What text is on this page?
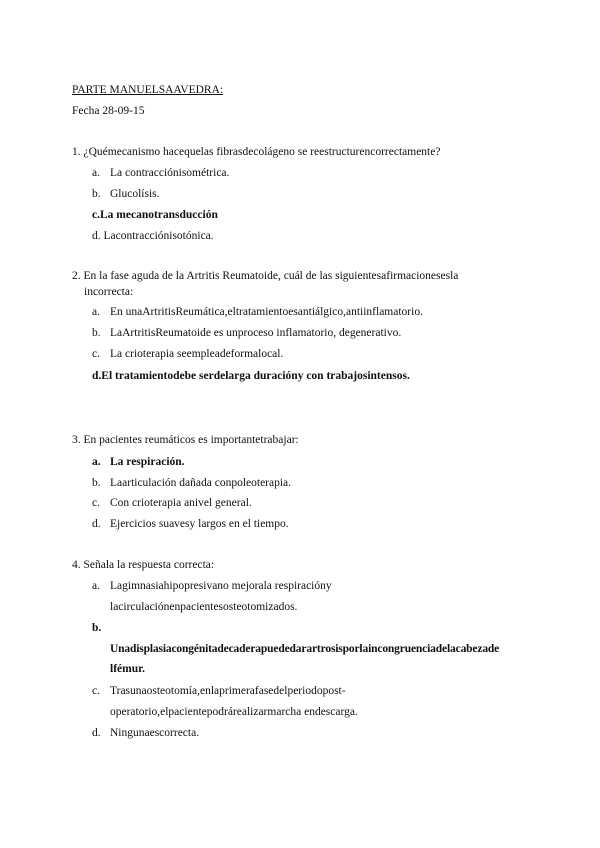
PARTE MANUELSAAVEDRA:
Fecha 28-09-15
1. ¿Quémecanismo hacequelas fibrasdecolágeno se reestructurencorrectamente?
a. La contracciónisométrica.
b. Glucolísis.
c.La mecanotransducción
d. Lacontracciónisotónica.
2. En la fase aguda de la Artritis Reumatoide, cuál de las siguientesafirmacionesesla
incorrecta:
a. En unaArtritisReumática,eltratamientoesantiálgico,antiinflamatorio.
b. LaArtritisReumatoide es unproceso inflamatorio, degenerativo.
c. La crioterapia seempleadeformalocal.
d.El tratamientodebe serdelarga duracióny con trabajosintensos.
3. En pacientes reumáticos es importantetrabajar:
a. La respiración.
b. Laarticulación dañada conpoleoterapia.
c. Con crioterapia anivel general.
d. Ejercicios suavesy largos en el tiempo.
4. Señala la respuesta correcta:
a. Lagimnasiahipopresivano mejorala respiracióny
lacirculaciónenpacientesosteotomizados.
b.
Unadisplasiacongénitadecaderapuededarartrosisporlaincongruenciadelacabezade
lfémur.
c. Trasunaosteotomía,enlaprimerafasedelperiodopost-
operatorio,elpacientepodrárealizarmarcha endescarga.
d. Ningunaescorrecta.
